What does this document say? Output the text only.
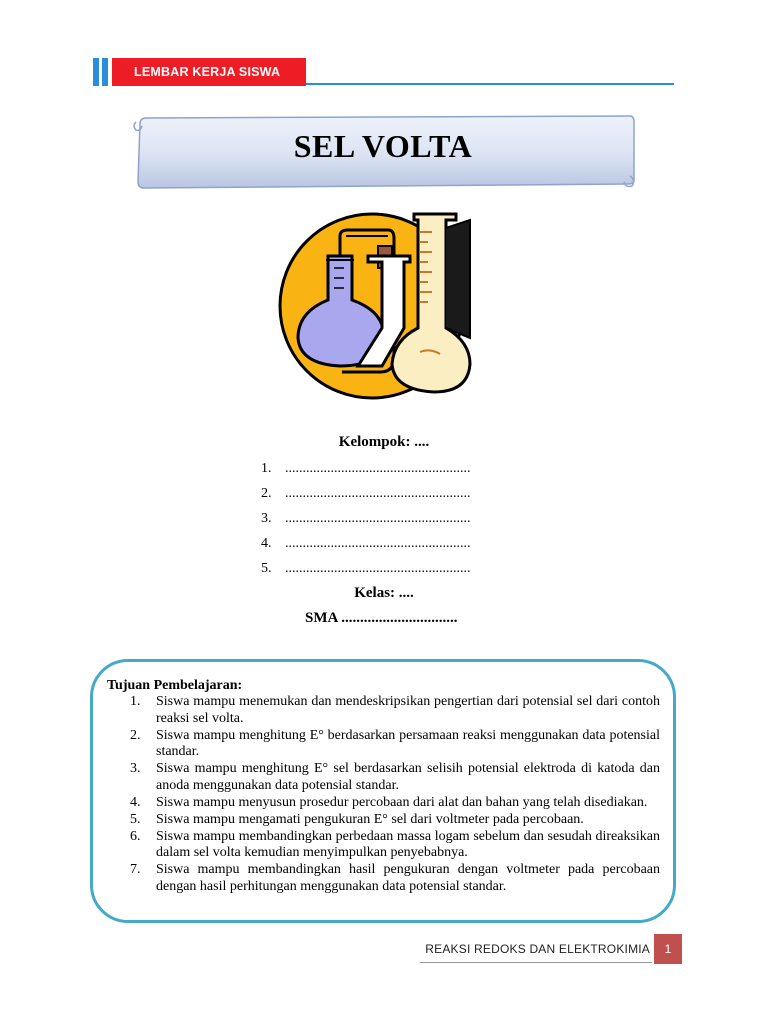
LEMBAR KERJA SISWA
SEL VOLTA
Kelompok: ....
1. .....................................................
2. .....................................................
3. .....................................................
4. .....................................................
5. .....................................................
Kelas: ....
SMA ...............................
Tujuan Pembelajaran:
1.	Siswa mampu menemukan dan mendeskripsikan pengertian dari potensial sel dari contoh reaksi sel volta.
2.	Siswa mampu menghitung E° berdasarkan persamaan reaksi menggunakan data potensial standar.
3.	Siswa mampu menghitung E° sel berdasarkan selisih potensial elektroda di katoda dan anoda menggunakan data potensial standar.
4.	Siswa mampu menyusun prosedur percobaan dari alat dan bahan yang telah disediakan.
5.	Siswa mampu mengamati pengukuran E° sel dari voltmeter pada percobaan.
6.	Siswa mampu membandingkan perbedaan massa logam sebelum dan sesudah direaksikan dalam sel volta kemudian menyimpulkan penyebabnya.
7.	Siswa mampu membandingkan hasil pengukuran dengan voltmeter pada percobaan dengan hasil perhitungan menggunakan data potensial standar.
REAKSI REDOKS DAN ELEKTROKIMIA	1
